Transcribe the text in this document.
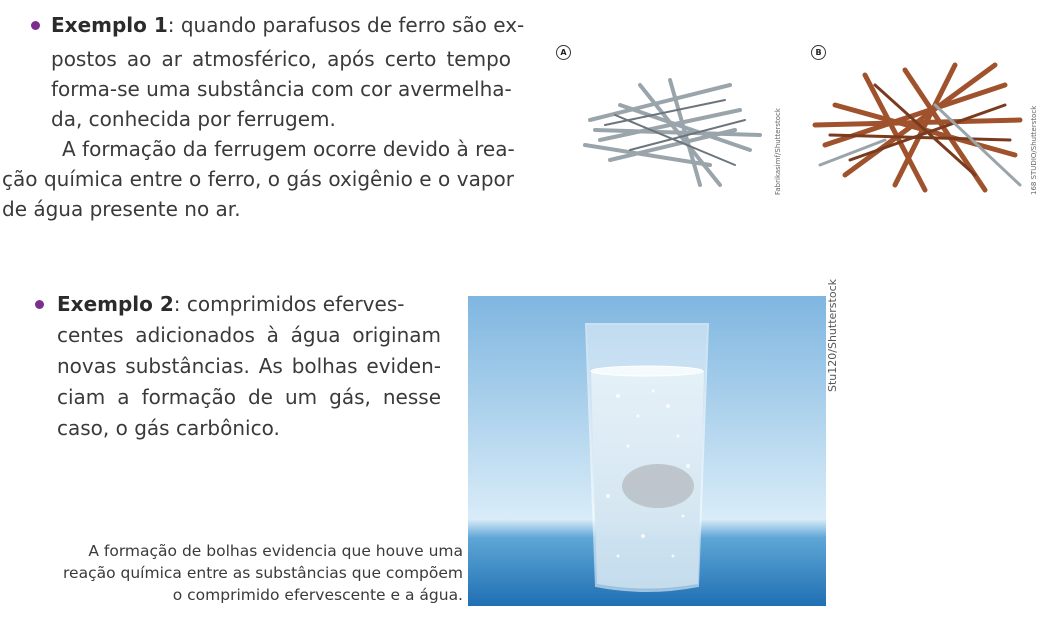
Exemplo 1: quando parafusos de ferro são ex-
postos ao ar atmosférico, após certo tempo
forma-se uma substância com cor avermelha-
da, conhecida por ferrugem.
A formação da ferrugem ocorre devido à rea-
ção química entre o ferro, o gás oxigênio e o vapor
de água presente no ar.
A
Fabrikasimf/Shutterstock
B
168 STUDIO/Shutterstock
Exemplo 2: comprimidos eferves-
centes adicionados à água originam
novas substâncias. As bolhas eviden-
ciam a formação de um gás, nesse
caso, o gás carbônico.
Stu120/Shutterstock
A formação de bolhas evidencia que houve uma
reação química entre as substâncias que compõem
o comprimido efervescente e a água.
